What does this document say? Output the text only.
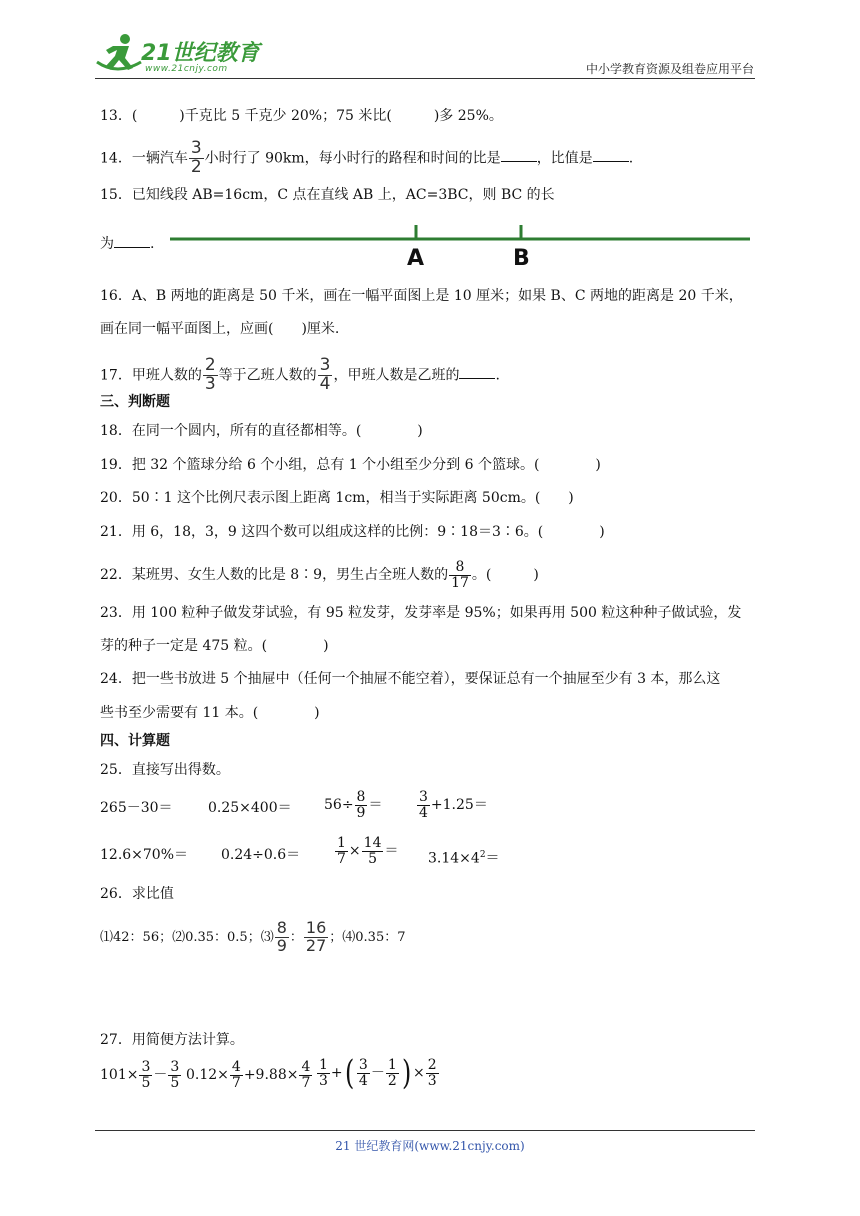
21世纪教育
www.21cnjy.com	中小学教育资源及组卷应用平台
13．(　　　)千克比 5 千克少 20%；75 米比(　　　)多 25%。
14．一辆汽车 $\frac{3}{2}$ 小时行了 90km，每小时行的路程和时间的比是	，比值是	.
15．已知线段 AB=16cm，C 点在直线 AB 上，AC=3BC，则 BC 的长
为	.
A	B
16．A、B 两地的距离是 50 千米，画在一幅平面图上是 10 厘米；如果 B、C 两地的距离是 20 千米，
画在同一幅平面图上，应画(　　)厘米.
17．甲班人数的 $\frac{2}{3}$ 等于乙班人数的 $\frac{3}{4}$ ，甲班人数是乙班的	.
三、判断题
18．在同一个圆内，所有的直径都相等。(　　　　)
19．把 32 个篮球分给 6 个小组，总有 1 个小组至少分到 6 个篮球。(　　　　)
20．50∶1 这个比例尺表示图上距离 1cm，相当于实际距离 50cm。(　　)
21．用 6，18，3，9 这四个数可以组成这样的比例：9∶18＝3∶6。(　　　　)
22．某班男、女生人数的比是 8∶9，男生占全班人数的 $\frac{8}{17}$ 。(　　　)
23．用 100 粒种子做发芽试验，有 95 粒发芽，发芽率是 95%；如果再用 500 粒这种种子做试验，发
芽的种子一定是 475 粒。(　　　　)
24．把一些书放进 5 个抽屉中（任何一个抽屉不能空着），要保证总有一个抽屉至少有 3 本，那么这
些书至少需要有 11 本。(　　　　)
四、计算题
25．直接写出得数。
265－30＝	$0.25\times 400= 56\div \frac{8}{9} = \frac{3}{4} +1.25=$
$12.6\times 70\%= 0.24\div 0.6= \frac{1}{7} \times \frac{14}{5} = 3.14\times 4^2=$
26．求比值
⑴42：56；⑵0.35：0.5；⑶ $\frac{8}{9}$ ： $\frac{16}{27}$ ；⑷0.35：7
27．用简便方法计算。
$101\times \frac{3}{5} - \frac{3}{5} 0.12\times \frac{4}{7} +9.88\times \frac{4}{7} \frac{1}{3}$ +( $\frac{3}{4} - \frac{1}{2}$ ) × $\frac{2}{3}$
21 世纪教育网(www.21cnjy.com)
